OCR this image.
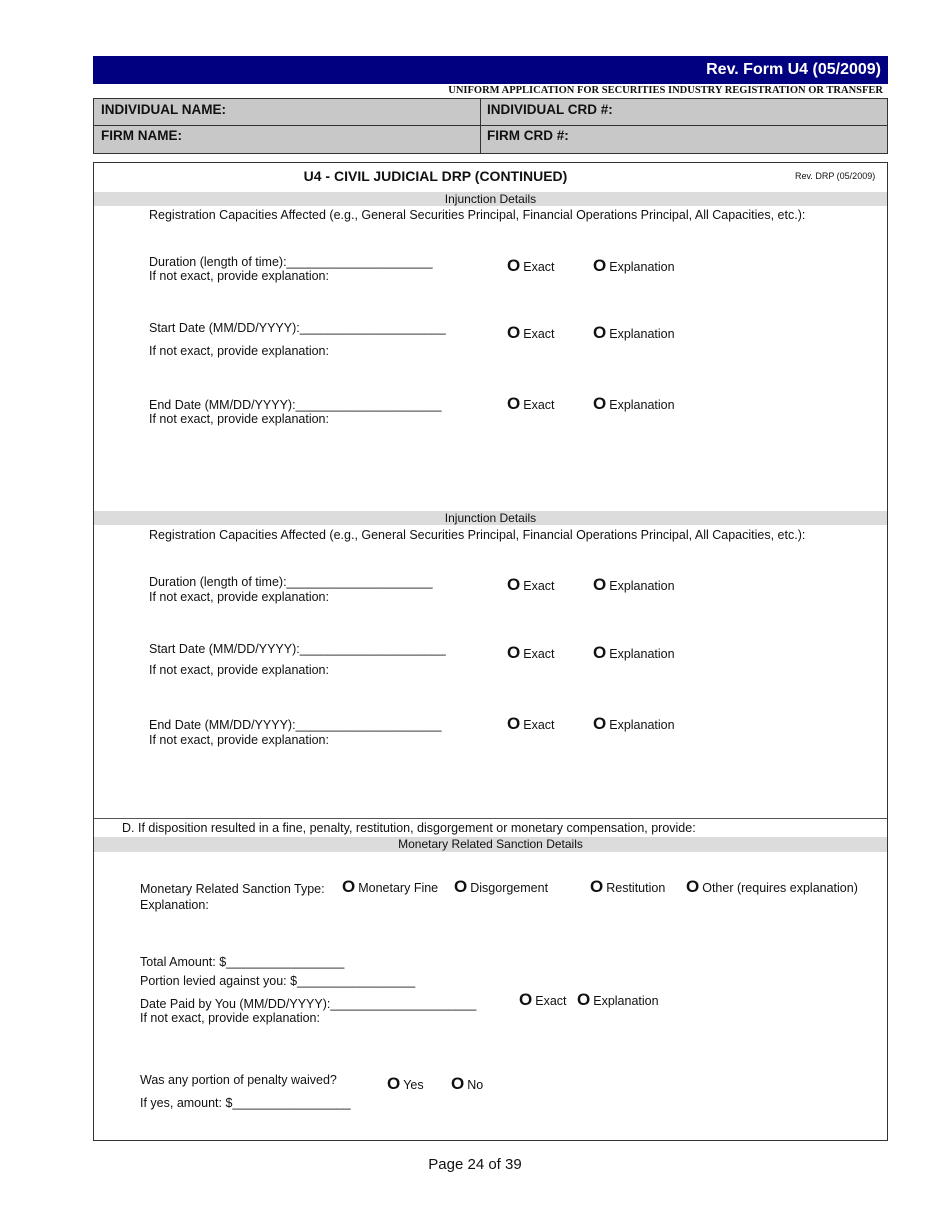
Rev. Form U4 (05/2009)
UNIFORM APPLICATION FOR SECURITIES INDUSTRY REGISTRATION OR TRANSFER
INDIVIDUAL NAME:	INDIVIDUAL CRD #:
FIRM NAME:	FIRM CRD #:
U4 - CIVIL JUDICIAL DRP (CONTINUED)	Rev. DRP (05/2009)
Injunction Details
Registration Capacities Affected (e.g., General Securities Principal, Financial Operations Principal, All Capacities, etc.):
Duration (length of time):_____________________
If not exact, provide explanation:
O Exact O Explanation
Start Date (MM/DD/YYYY):_____________________
If not exact, provide explanation:
O Exact O Explanation
End Date (MM/DD/YYYY):_____________________
If not exact, provide explanation:
O Exact O Explanation
Injunction Details
Registration Capacities Affected (e.g., General Securities Principal, Financial Operations Principal, All Capacities, etc.):
Duration (length of time):_____________________
If not exact, provide explanation:
O Exact O Explanation
Start Date (MM/DD/YYYY):_____________________
If not exact, provide explanation:
O Exact O Explanation
End Date (MM/DD/YYYY):_____________________
If not exact, provide explanation:
O Exact O Explanation
D. If disposition resulted in a fine, penalty, restitution, disgorgement or monetary compensation, provide:
Monetary Related Sanction Details
Monetary Related Sanction Type: O Monetary Fine O Disgorgement O Restitution O Other (requires explanation)
Explanation:
Total Amount: $_________________
Portion levied against you: $_________________
Date Paid by You (MM/DD/YYYY):_____________________
If not exact, provide explanation:
O Exact O Explanation
Was any portion of penalty waived?	O Yes O No
If yes, amount: $_________________
Page 24 of 39
